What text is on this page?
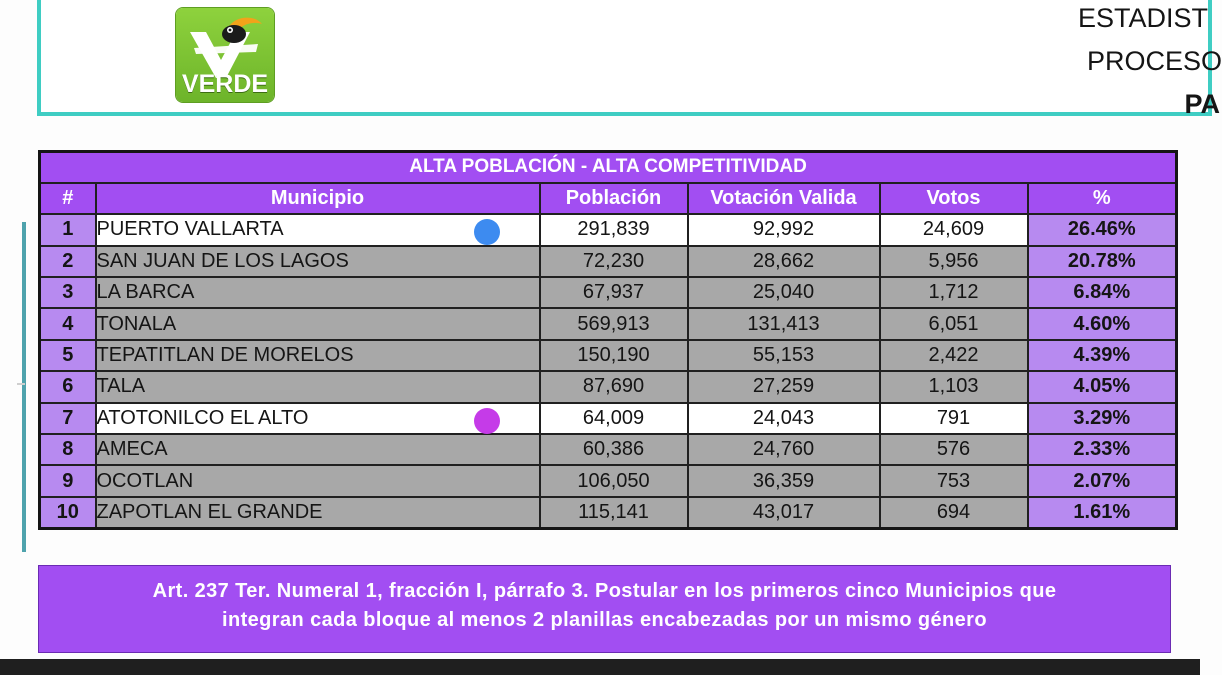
VERDE
ESTADIST
PROCESO
PA
ALTA POBLACIÓN - ALTA COMPETITIVIDAD					
#	Municipio	Población	Votación Valida	Votos	%
1	PUERTO VALLARTA	291,839	92,992	24,609	26.46%
2	SAN JUAN DE LOS LAGOS	72,230	28,662	5,956	20.78%
3	LA BARCA	67,937	25,040	1,712	6.84%
4	TONALA	569,913	131,413	6,051	4.60%
5	TEPATITLAN DE MORELOS	150,190	55,153	2,422	4.39%
6	TALA	87,690	27,259	1,103	4.05%
7	ATOTONILCO EL ALTO	64,009	24,043	791	3.29%
8	AMECA	60,386	24,760	576	2.33%
9	OCOTLAN	106,050	36,359	753	2.07%
10	ZAPOTLAN EL GRANDE	115,141	43,017	694	1.61%
Art. 237 Ter. Numeral 1, fracción I, párrafo 3. Postular en los primeros cinco Municipios que
integran cada bloque al menos 2 planillas encabezadas por un mismo género
